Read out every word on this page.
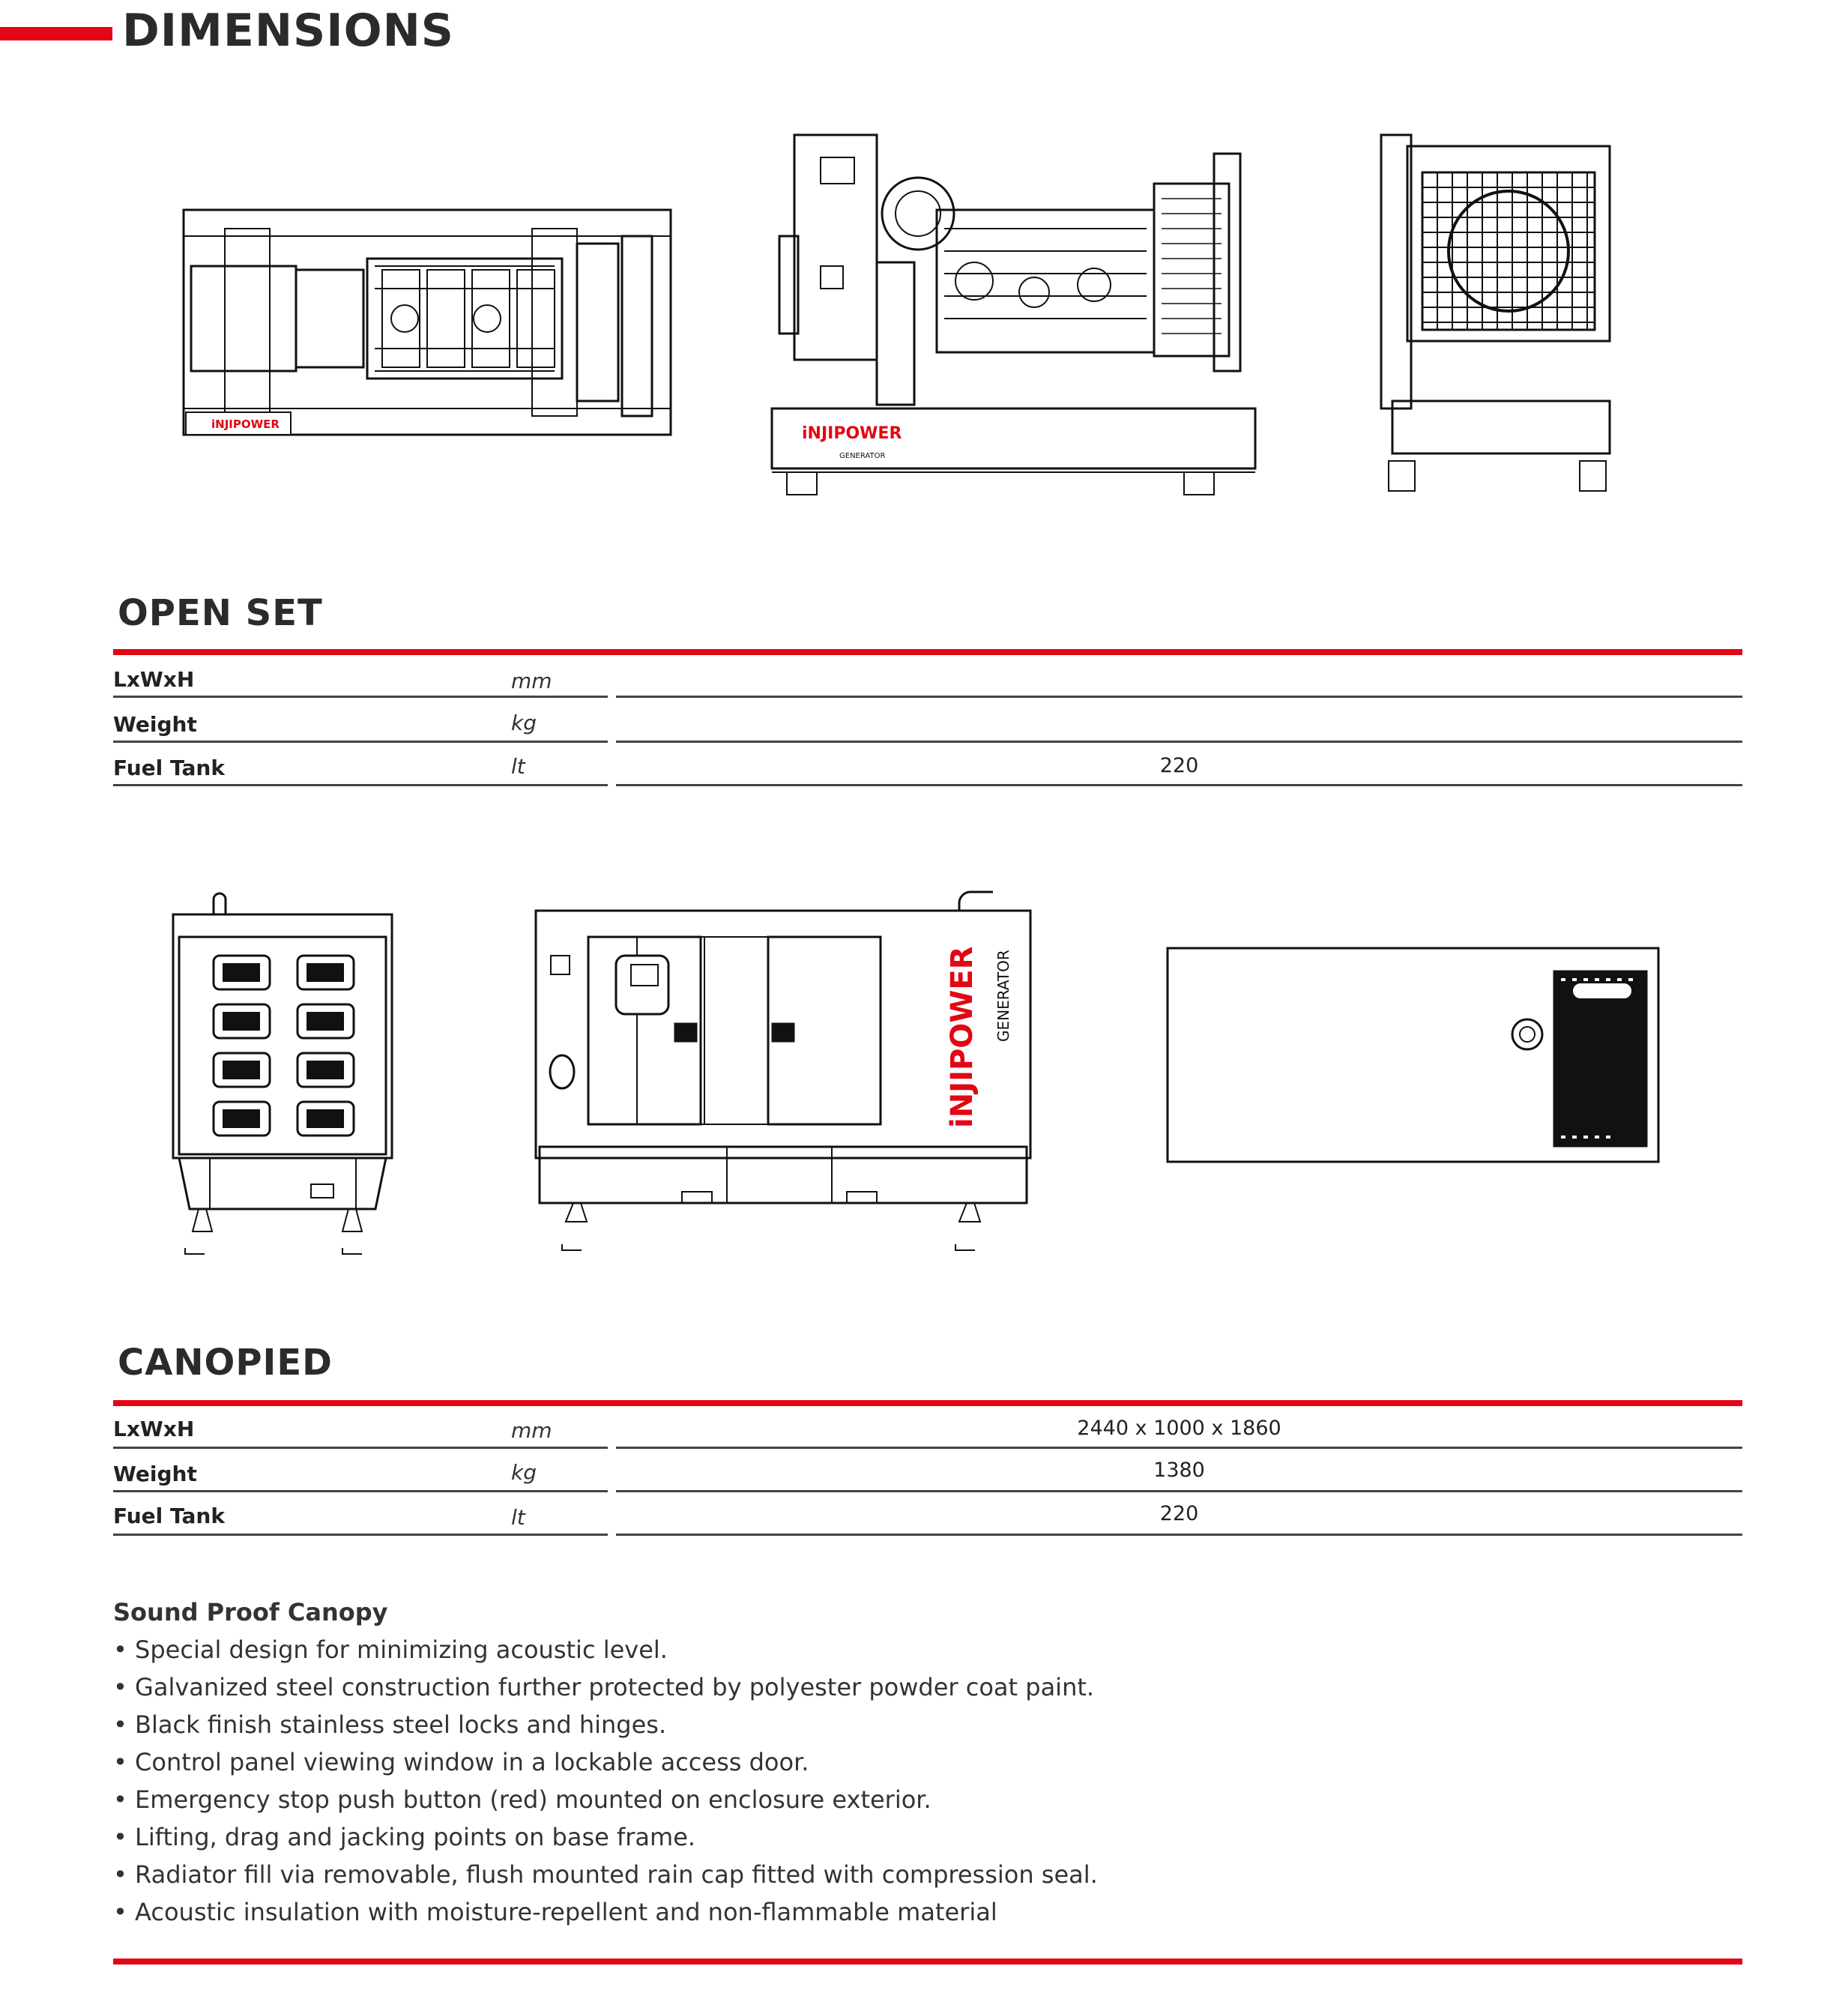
DIMENSIONS
iNJIPOWER	iNJIPOWER
GENERATOR
OPEN SET
LxWxH	mm
Weight	kg
Fuel Tank	lt	220
iNJIPOWER GENERATOR
CANOPIED
LxWxH	mm	2440 x 1000 x 1860
Weight	kg	1380
Fuel Tank	lt	220
Sound Proof Canopy
• Special design for minimizing acoustic level.
• Galvanized steel construction further protected by polyester powder coat paint.
• Black finish stainless steel locks and hinges.
• Control panel viewing window in a lockable access door.
• Emergency stop push button (red) mounted on enclosure exterior.
• Lifting, drag and jacking points on base frame.
• Radiator fill via removable, flush mounted rain cap fitted with compression seal.
• Acoustic insulation with moisture-repellent and non-flammable material
